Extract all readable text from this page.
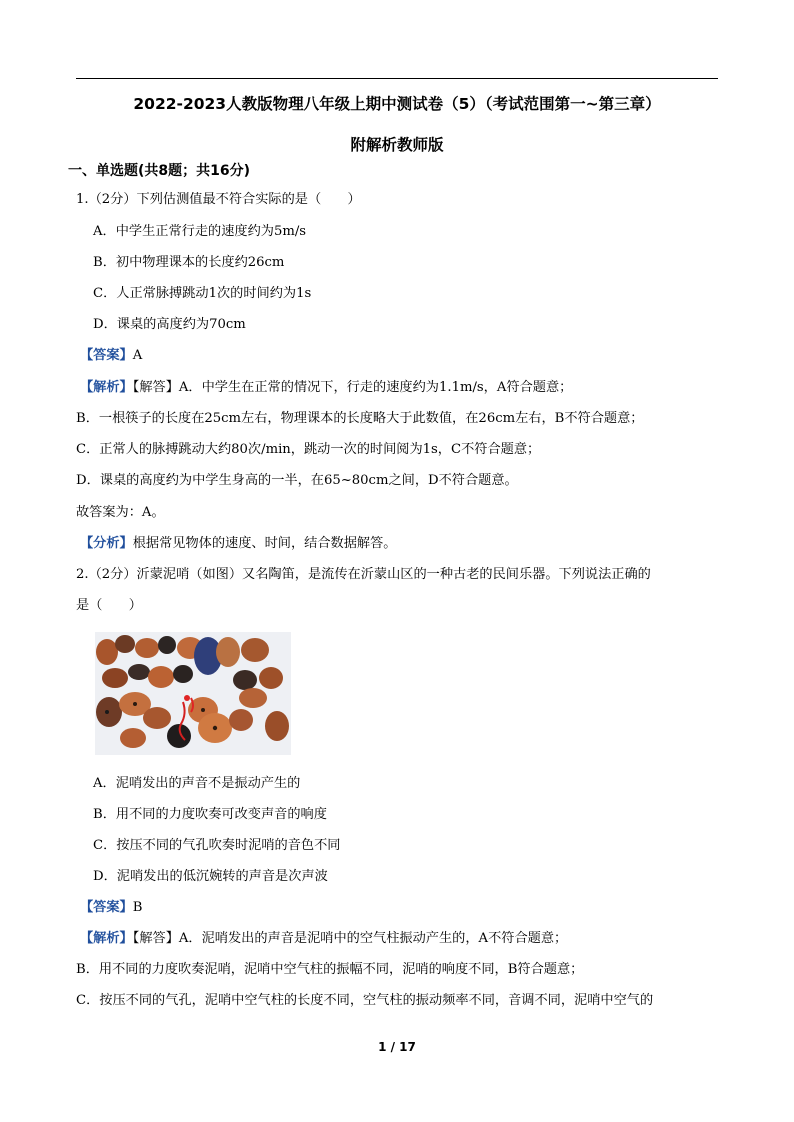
2022-2023人教版物理八年级上期中测试卷（5）（考试范围第一~第三章）
附解析教师版
一、单选题(共8题；共16分)
1.（2分）下列估测值最不符合实际的是（　　）
A．中学生正常行走的速度约为5m/s
B．初中物理课本的长度约26cm
C．人正常脉搏跳动1次的时间约为1s
D．课桌的高度约为70cm
【答案】A
【解析】【解答】A．中学生在正常的情况下，行走的速度约为1.1m/s，A符合题意；
B．一根筷子的长度在25cm左右，物理课本的长度略大于此数值，在26cm左右，B不符合题意；
C．正常人的脉搏跳动大约80次/min，跳动一次的时间阅为1s，C不符合题意；
D．课桌的高度约为中学生身高的一半，在65~80cm之间，D不符合题意。
故答案为：A。
【分析】根据常见物体的速度、时间，结合数据解答。
2.（2分）沂蒙泥哨（如图）又名陶笛，是流传在沂蒙山区的一种古老的民间乐器。下列说法正确的
是（　　）
A．泥哨发出的声音不是振动产生的
B．用不同的力度吹奏可改变声音的响度
C．按压不同的气孔吹奏时泥哨的音色不同
D．泥哨发出的低沉婉转的声音是次声波
【答案】B
【解析】【解答】A．泥哨发出的声音是泥哨中的空气柱振动产生的，A不符合题意；
B．用不同的力度吹奏泥哨，泥哨中空气柱的振幅不同，泥哨的响度不同，B符合题意；
C．按压不同的气孔，泥哨中空气柱的长度不同，空气柱的振动频率不同，音调不同，泥哨中空气的
1 / 17
